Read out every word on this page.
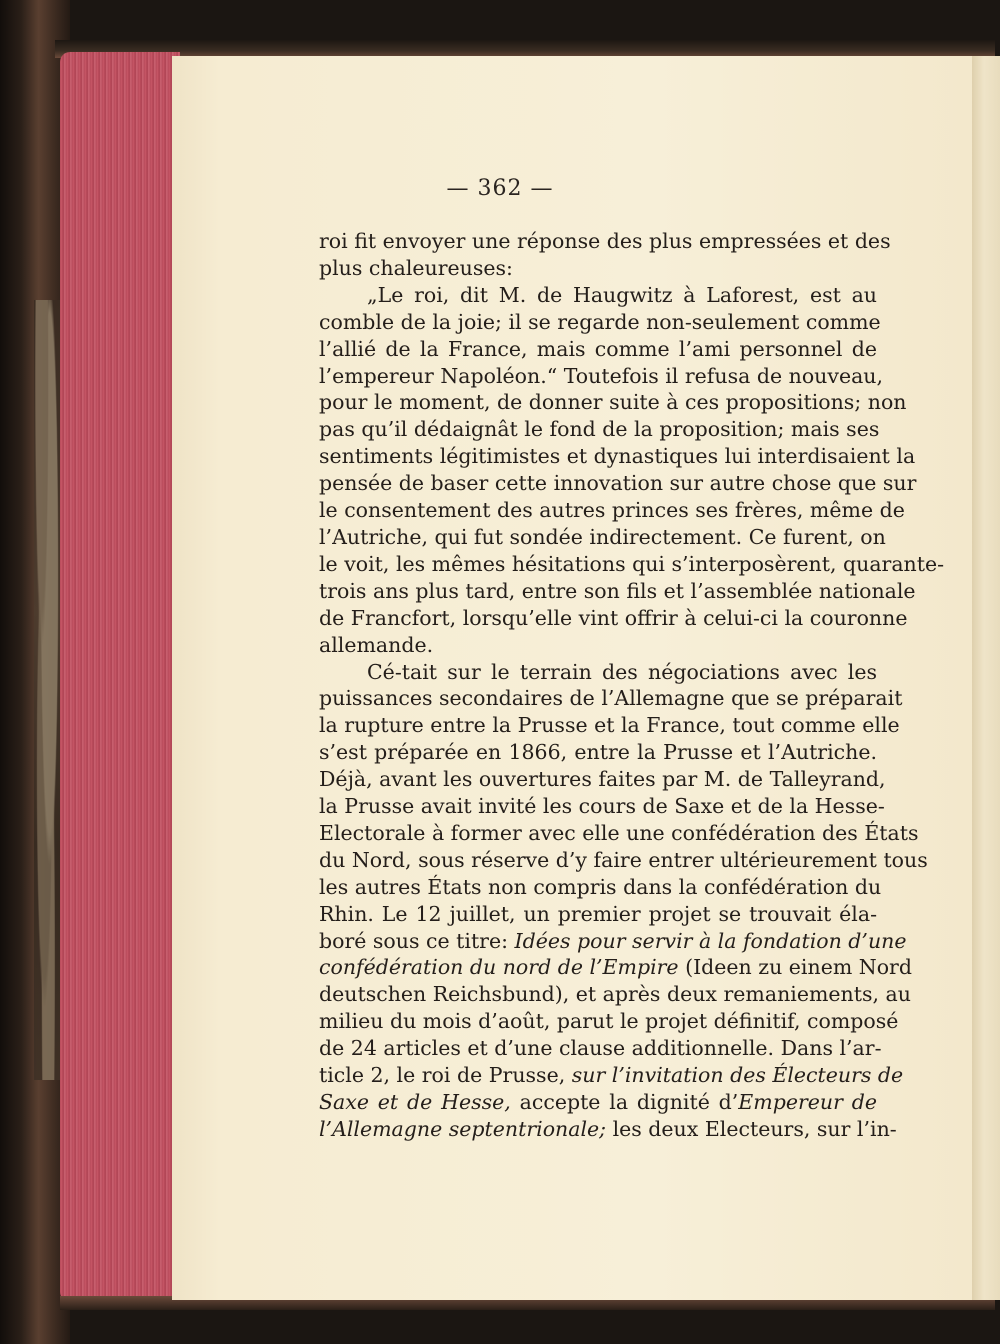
— 362 —
roi fit envoyer une réponse des plus empressées et des
plus chaleureuses:
„Le roi, dit M. de Haugwitz à Laforest, est au
comble de la joie; il se regarde non-seulement comme
l’allié de la France, mais comme l’ami personnel de
l’empereur Napoléon.“ Toutefois il refusa de nouveau,
pour le moment, de donner suite à ces propositions; non
pas qu’il dédaignât le fond de la proposition; mais ses
sentiments légitimistes et dynastiques lui interdisaient la
pensée de baser cette innovation sur autre chose que sur
le consentement des autres princes ses frères, même de
l’Autriche, qui fut sondée indirectement. Ce furent, on
le voit, les mêmes hésitations qui s’interposèrent, quarante-
trois ans plus tard, entre son fils et l’assemblée nationale
de Francfort, lorsqu’elle vint offrir à celui-ci la couronne
allemande.
Cé-tait sur le terrain des négociations avec les
puissances secondaires de l’Allemagne que se préparait
la rupture entre la Prusse et la France, tout comme elle
s’est préparée en 1866, entre la Prusse et l’Autriche.
Déjà, avant les ouvertures faites par M. de Talleyrand,
la Prusse avait invité les cours de Saxe et de la Hesse-
Electorale à former avec elle une confédération des États
du Nord, sous réserve d’y faire entrer ultérieurement tous
les autres États non compris dans la confédération du
Rhin. Le 12 juillet, un premier projet se trouvait éla-
boré sous ce titre: Idées pour servir à la fondation d’une
confédération du nord de l’Empire (Ideen zu einem Nord
deutschen Reichsbund), et après deux remaniements, au
milieu du mois d’août, parut le projet définitif, composé
de 24 articles et d’une clause additionnelle. Dans l’ar-
ticle 2, le roi de Prusse, sur l’invitation des Électeurs de
Saxe et de Hesse, accepte la dignité d’Empereur de
l’Allemagne septentrionale; les deux Electeurs, sur l’in-
